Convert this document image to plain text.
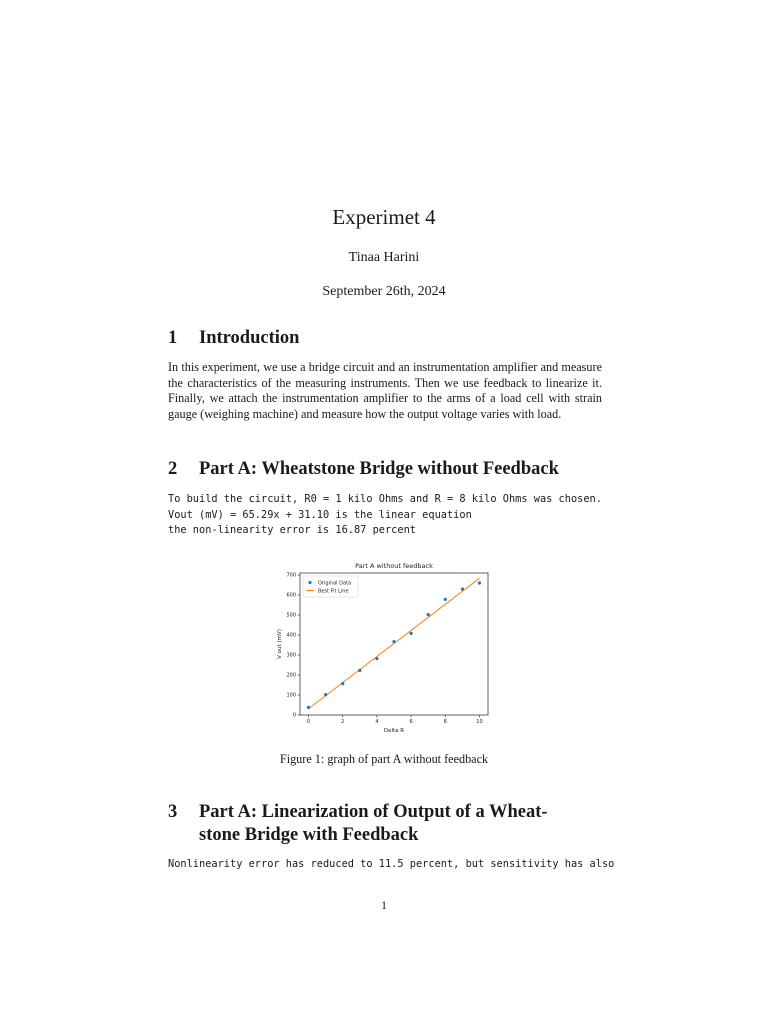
Experimet 4
Tinaa Harini
September 26th, 2024
1 Introduction
In this experiment, we use a bridge circuit and an instrumentation amplifier and measure the characteristics of the measuring instruments. Then we use feedback to linearize it. Finally, we attach the instrumentation amplifier to the arms of a load cell with strain gauge (weighing machine) and measure how the output voltage varies with load.
2 Part A: Wheatstone Bridge without Feedback
To build the circuit, R0 = 1 kilo Ohms and R = 8 kilo Ohms was chosen.
Vout (mV) = 65.29x + 31.10 is the linear equation
the non-linearity error is 16.87 percent
Part A without feedback
0	2	4	6	8	10
0
100
200
300
400
500
600
700
Delta R
V out (mV)
Original Data
Best Fit Line
Figure 1: graph of part A without feedback
3 Part A: Linearization of Output of a Wheat-
stone Bridge with Feedback
Nonlinearity error has reduced to 11.5 percent, but sensitivity has also
1
